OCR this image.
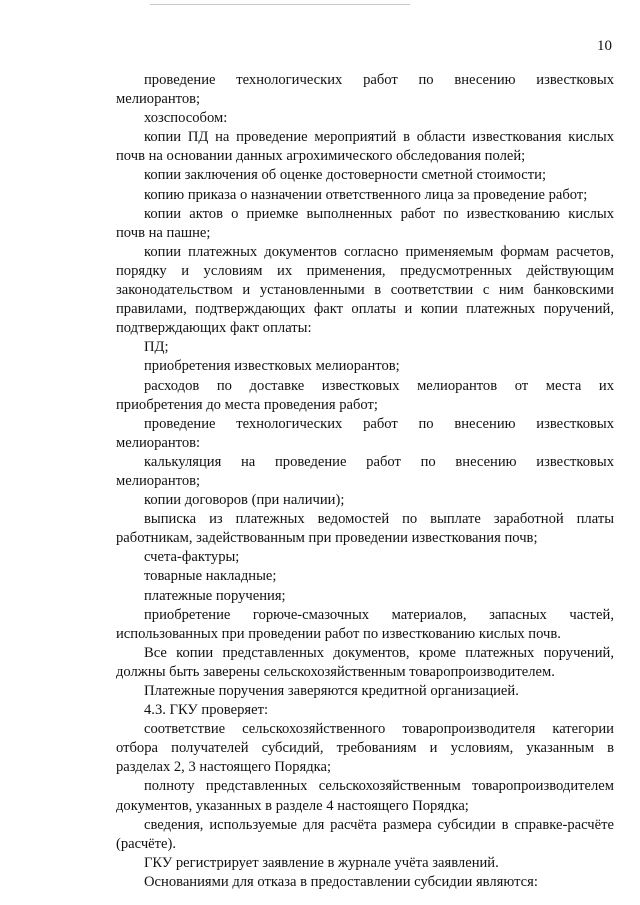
10
проведение технологических работ по внесению известковых
мелиорантов;
хозспособом:
копии ПД на проведение мероприятий в области известкования кислых
почв на основании данных агрохимического обследования полей;
копии заключения об оценке достоверности сметной стоимости;
копию приказа о назначении ответственного лица за проведение работ;
копии актов о приемке выполненных работ по известкованию кислых
почв на пашне;
копии платежных документов согласно применяемым формам расчетов,
порядку и условиям их применения, предусмотренных действующим
законодательством и установленными в соответствии с ним банковскими
правилами, подтверждающих факт оплаты и копии платежных поручений,
подтверждающих факт оплаты:
ПД;
приобретения известковых мелиорантов;
расходов по доставке известковых мелиорантов от места их
приобретения до места проведения работ;
проведение технологических работ по внесению известковых
мелиорантов:
калькуляция на проведение работ по внесению известковых
мелиорантов;
копии договоров (при наличии);
выписка из платежных ведомостей по выплате заработной платы
работникам, задействованным при проведении известкования почв;
счета-фактуры;
товарные накладные;
платежные поручения;
приобретение горюче-смазочных материалов, запасных частей,
использованных при проведении работ по известкованию кислых почв.
Все копии представленных документов, кроме платежных поручений,
должны быть заверены сельскохозяйственным товаропроизводителем.
Платежные поручения заверяются кредитной организацией.
4.3. ГКУ проверяет:
соответствие сельскохозяйственного товаропроизводителя категории
отбора получателей субсидий, требованиям и условиям, указанным в
разделах 2, 3 настоящего Порядка;
полноту представленных сельскохозяйственным товаропроизводителем
документов, указанных в разделе 4 настоящего Порядка;
сведения, используемые для расчёта размера субсидии в справке-расчёте
(расчёте).
ГКУ регистрирует заявление в журнале учёта заявлений.
Основаниями для отказа в предоставлении субсидии являются:
